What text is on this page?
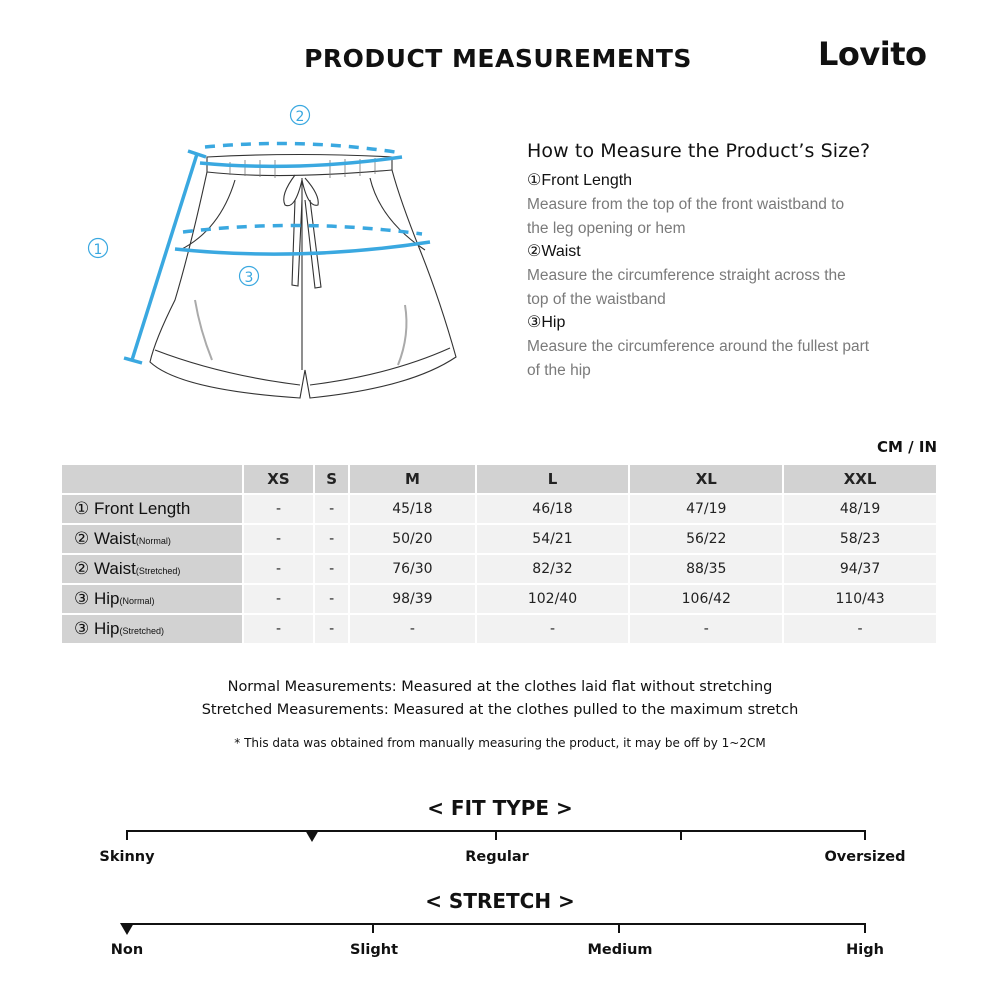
PRODUCT MEASUREMENTS	Lovito
2
1
3
How to Measure the Product’s Size?

①Front Length

Measure from the top of the front waistband to

the leg opening or hem

②Waist

Measure the circumference straight across the

top of the waistband

③Hip

Measure the circumference around the fullest part

of the hip

CM / IN
	XS	S	M	L	XL	XXL
① Front Length	-	-	45/18	46/18	47/19	48/19
② Waist(Normal)	-	-	50/20	54/21	56/22	58/23
② Waist(Stretched)	-	-	76/30	82/32	88/35	94/37
③ Hip(Normal)	-	-	98/39	102/40	106/42	110/43
③ Hip(Stretched)	-	-	-	-	-	-
Normal Measurements: Measured at the clothes laid flat without stretching
Stretched Measurements: Measured at the clothes pulled to the maximum stretch
* This data was obtained from manually measuring the product, it may be off by 1~2CM
< FIT TYPE >
Skinny	Regular	Oversized
< STRETCH >
Non	Slight	Medium	High
